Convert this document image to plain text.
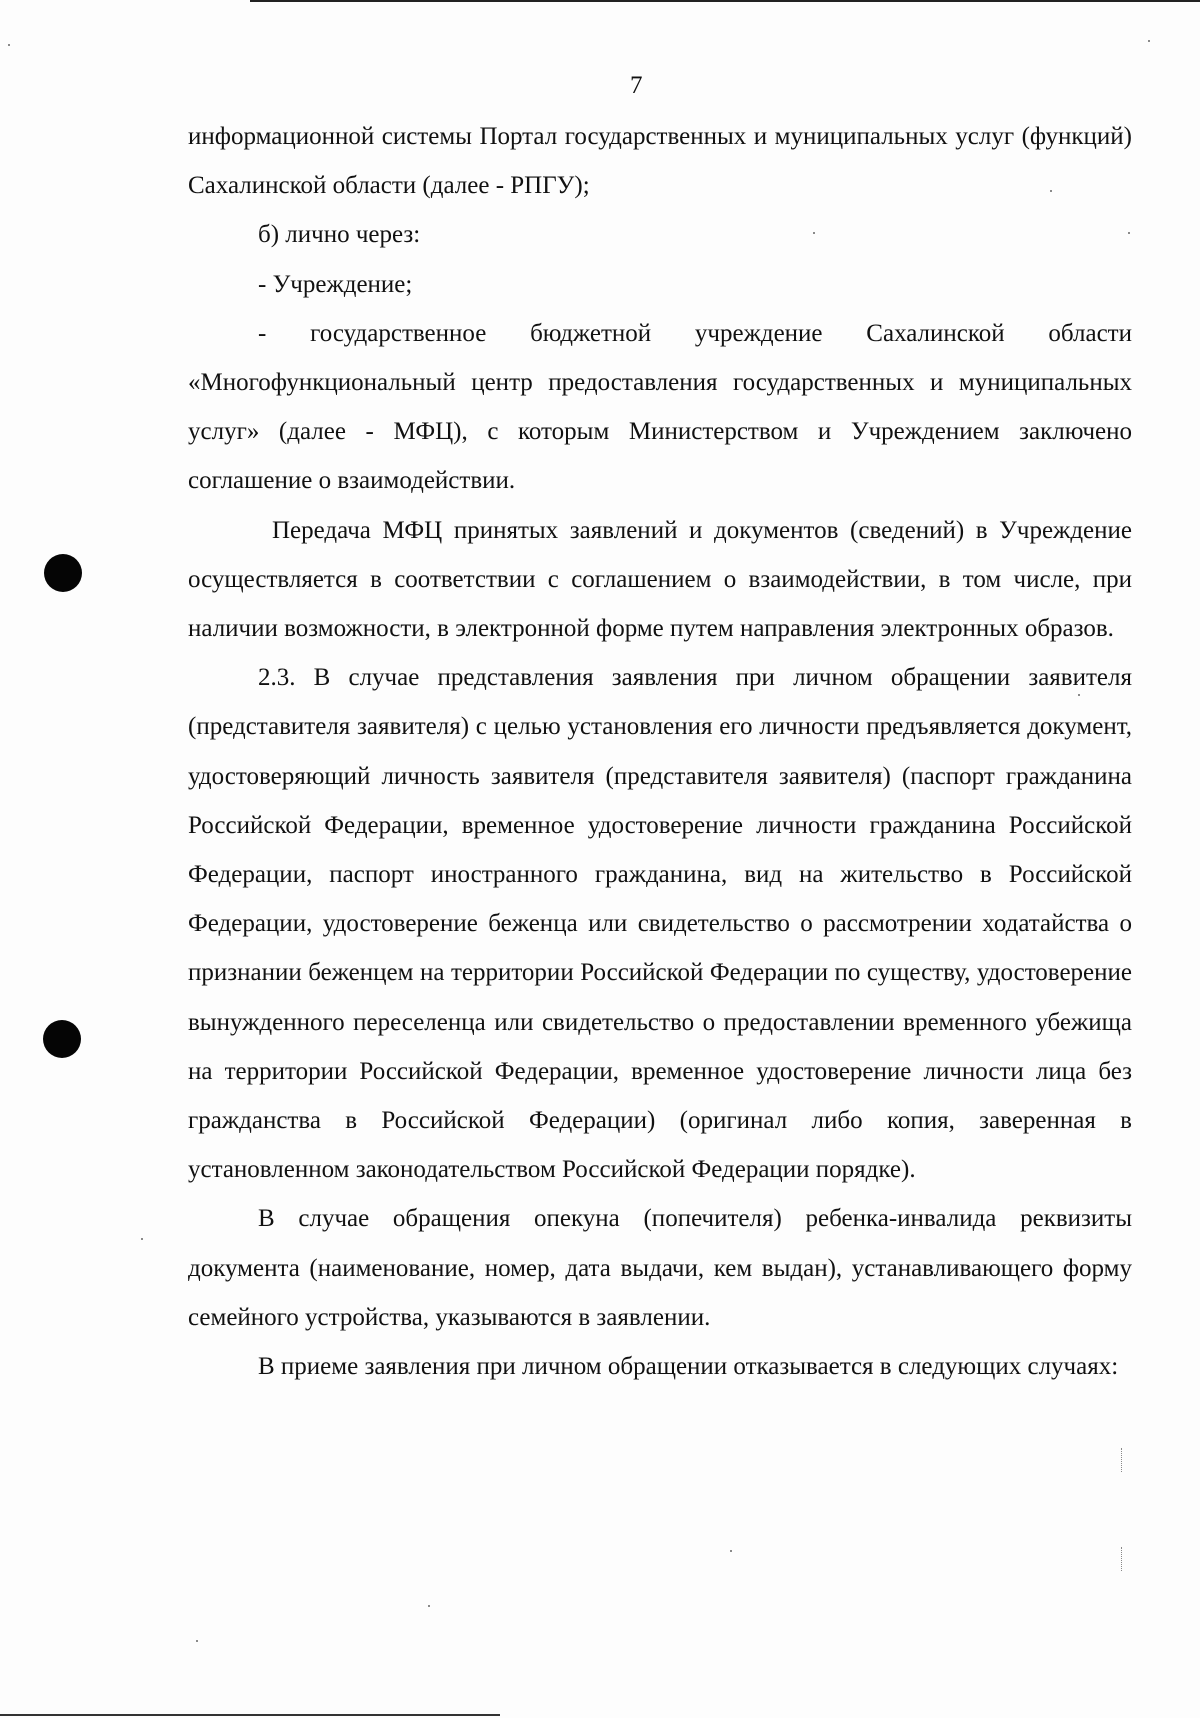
7

информационной системы Портал государственных и муниципальных услуг (функций) Сахалинской области (далее - РПГУ);

б) лично через:

- Учреждение;

- государственное бюджетной учреждение Сахалинской области «Многофункциональный центр предоставления государственных и муниципальных услуг» (далее - МФЦ), с которым Министерством и Учреждением заключено соглашение о взаимодействии.

Передача МФЦ принятых заявлений и документов (сведений) в Учреждение осуществляется в соответствии с соглашением о взаимодействии, в том числе, при наличии возможности, в электронной форме путем направления электронных образов.

2.3. В случае представления заявления при личном обращении заявителя (представителя заявителя) с целью установления его личности предъявляется документ, удостоверяющий личность заявителя (представителя заявителя) (паспорт гражданина Российской Федерации, временное удостоверение личности гражданина Российской Федерации, паспорт иностранного гражданина, вид на жительство в Российской Федерации, удостоверение беженца или свидетельство о рассмотрении ходатайства о признании беженцем на территории Российской Федерации по существу, удостоверение вынужденного переселенца или свидетельство о предоставлении временного убежища на территории Российской Федерации, временное удостоверение личности лица без гражданства в Российской Федерации) (оригинал либо копия, заверенная в установленном законодательством Российской Федерации порядке).

В случае обращения опекуна (попечителя) ребенка-инвалида реквизиты документа (наименование, номер, дата выдачи, кем выдан), устанавливающего форму семейного устройства, указываются в заявлении.

В приеме заявления при личном обращении отказывается в следующих случаях:
